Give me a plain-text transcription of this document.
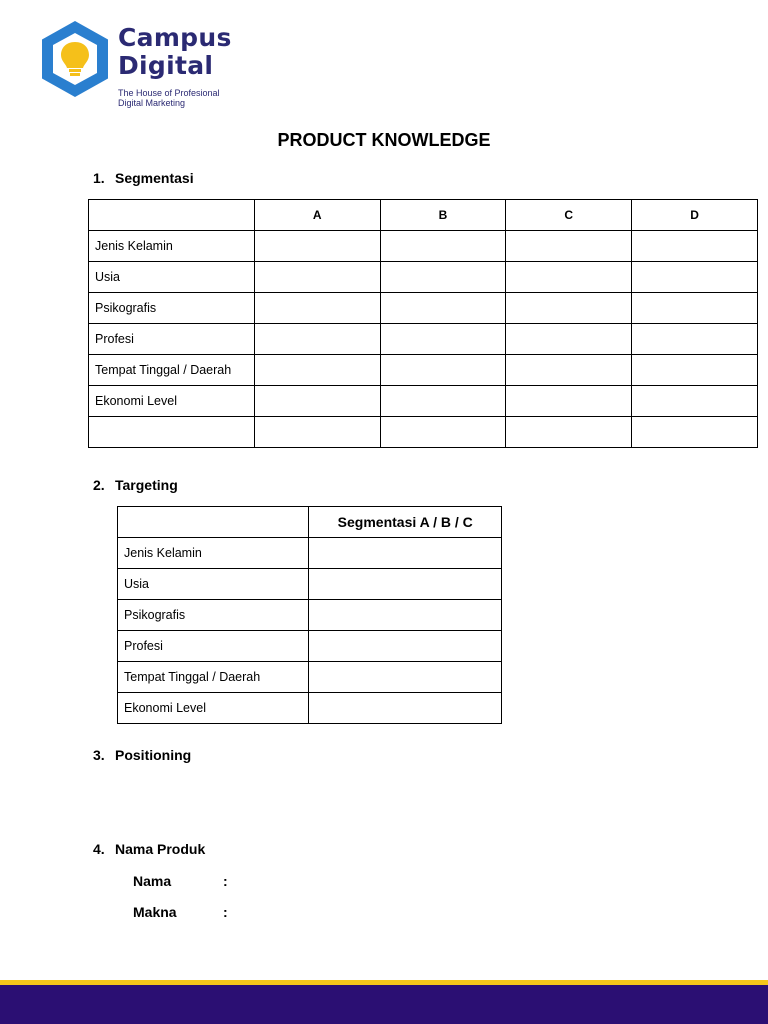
Campus
Digital
The House of Profesional
Digital Marketing
PRODUCT KNOWLEDGE
1. Segmentasi
	A	B	C	D
Jenis Kelamin				
Usia				
Psikografis				
Profesi				
Tempat Tinggal / Daerah				
Ekonomi Level				

2. Targeting
	Segmentasi A / B / C
Jenis Kelamin	
Usia	
Psikografis	
Profesi	
Tempat Tinggal / Daerah	
Ekonomi Level	
3. Positioning
4. Nama Produk
Nama	:
Makna	:
